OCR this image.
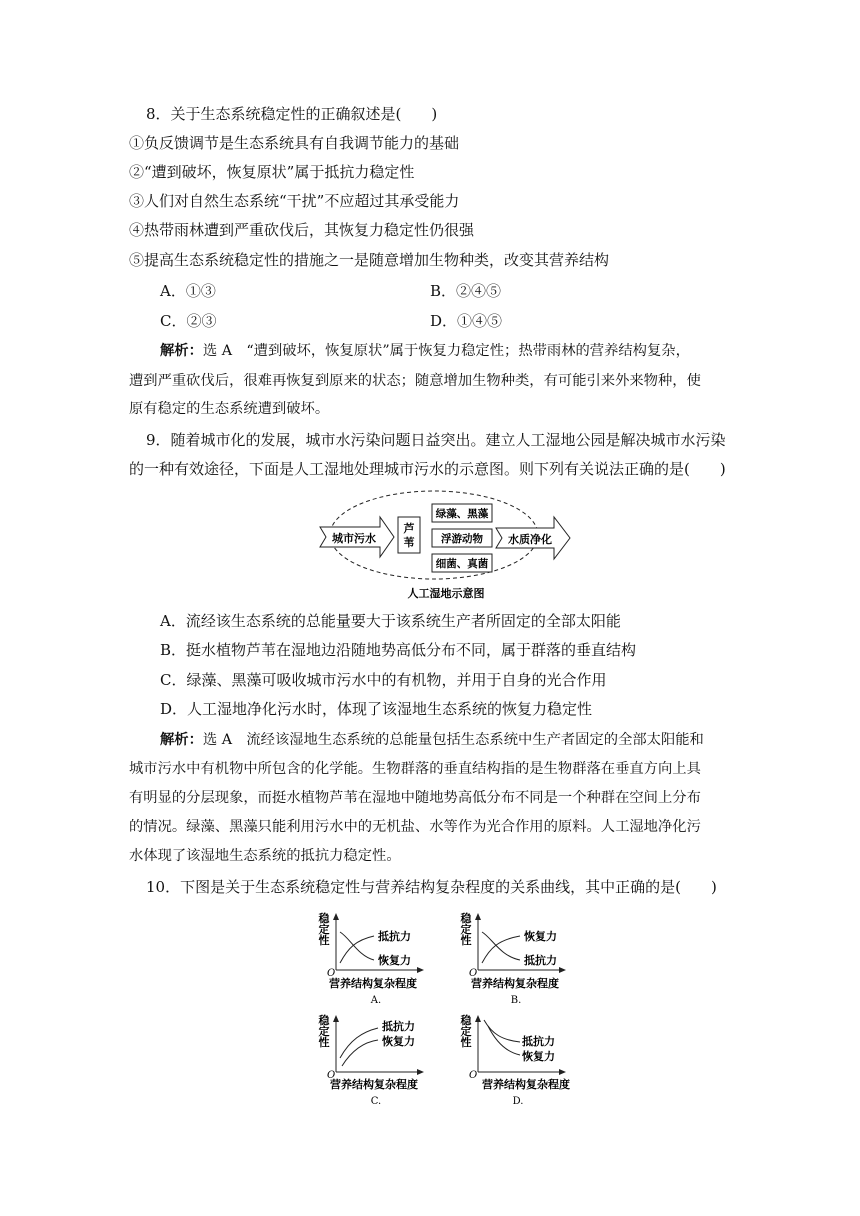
8．关于生态系统稳定性的正确叙述是(　　)
①负反馈调节是生态系统具有自我调节能力的基础
②“遭到破坏，恢复原状”属于抵抗力稳定性
③人们对自然生态系统“干扰”不应超过其承受能力
④热带雨林遭到严重砍伐后，其恢复力稳定性仍很强
⑤提高生态系统稳定性的措施之一是随意增加生物种类，改变其营养结构
A．①③	B．②④⑤
C．②③	D．①④⑤
解析：选 A　“遭到破坏，恢复原状”属于恢复力稳定性；热带雨林的营养结构复杂，
遭到严重砍伐后，很难再恢复到原来的状态；随意增加生物种类，有可能引来外来物种，使
原有稳定的生态系统遭到破坏。
9．随着城市化的发展，城市水污染问题日益突出。建立人工湿地公园是解决城市水污染
的一种有效途径，下面是人工湿地处理城市污水的示意图。则下列有关说法正确的是(　　)
城市污水
芦
苇
绿藻、黑藻
浮游动物
细菌、真菌
水质净化
人工湿地示意图
A．流经该生态系统的总能量要大于该系统生产者所固定的全部太阳能
B．挺水植物芦苇在湿地边沿随地势高低分布不同，属于群落的垂直结构
C．绿藻、黑藻可吸收城市污水中的有机物，并用于自身的光合作用
D．人工湿地净化污水时，体现了该湿地生态系统的恢复力稳定性
解析：选 A　流经该湿地生态系统的总能量包括生态系统中生产者固定的全部太阳能和
城市污水中有机物中所包含的化学能。生物群落的垂直结构指的是生物群落在垂直方向上具
有明显的分层现象，而挺水植物芦苇在湿地中随地势高低分布不同是一个种群在空间上分布
的情况。绿藻、黑藻只能利用污水中的无机盐、水等作为光合作用的原料。人工湿地净化污
水体现了该湿地生态系统的抵抗力稳定性。
10．下图是关于生态系统稳定性与营养结构复杂程度的关系曲线，其中正确的是(　　)
稳定性
O
抵抗力
恢复力
营养结构复杂程度
A.
稳定性
O
恢复力
抵抗力
营养结构复杂程度
B.
稳定性
O
抵抗力
恢复力
营养结构复杂程度
C.
稳定性
O
抵抗力
恢复力
营养结构复杂程度
D.
